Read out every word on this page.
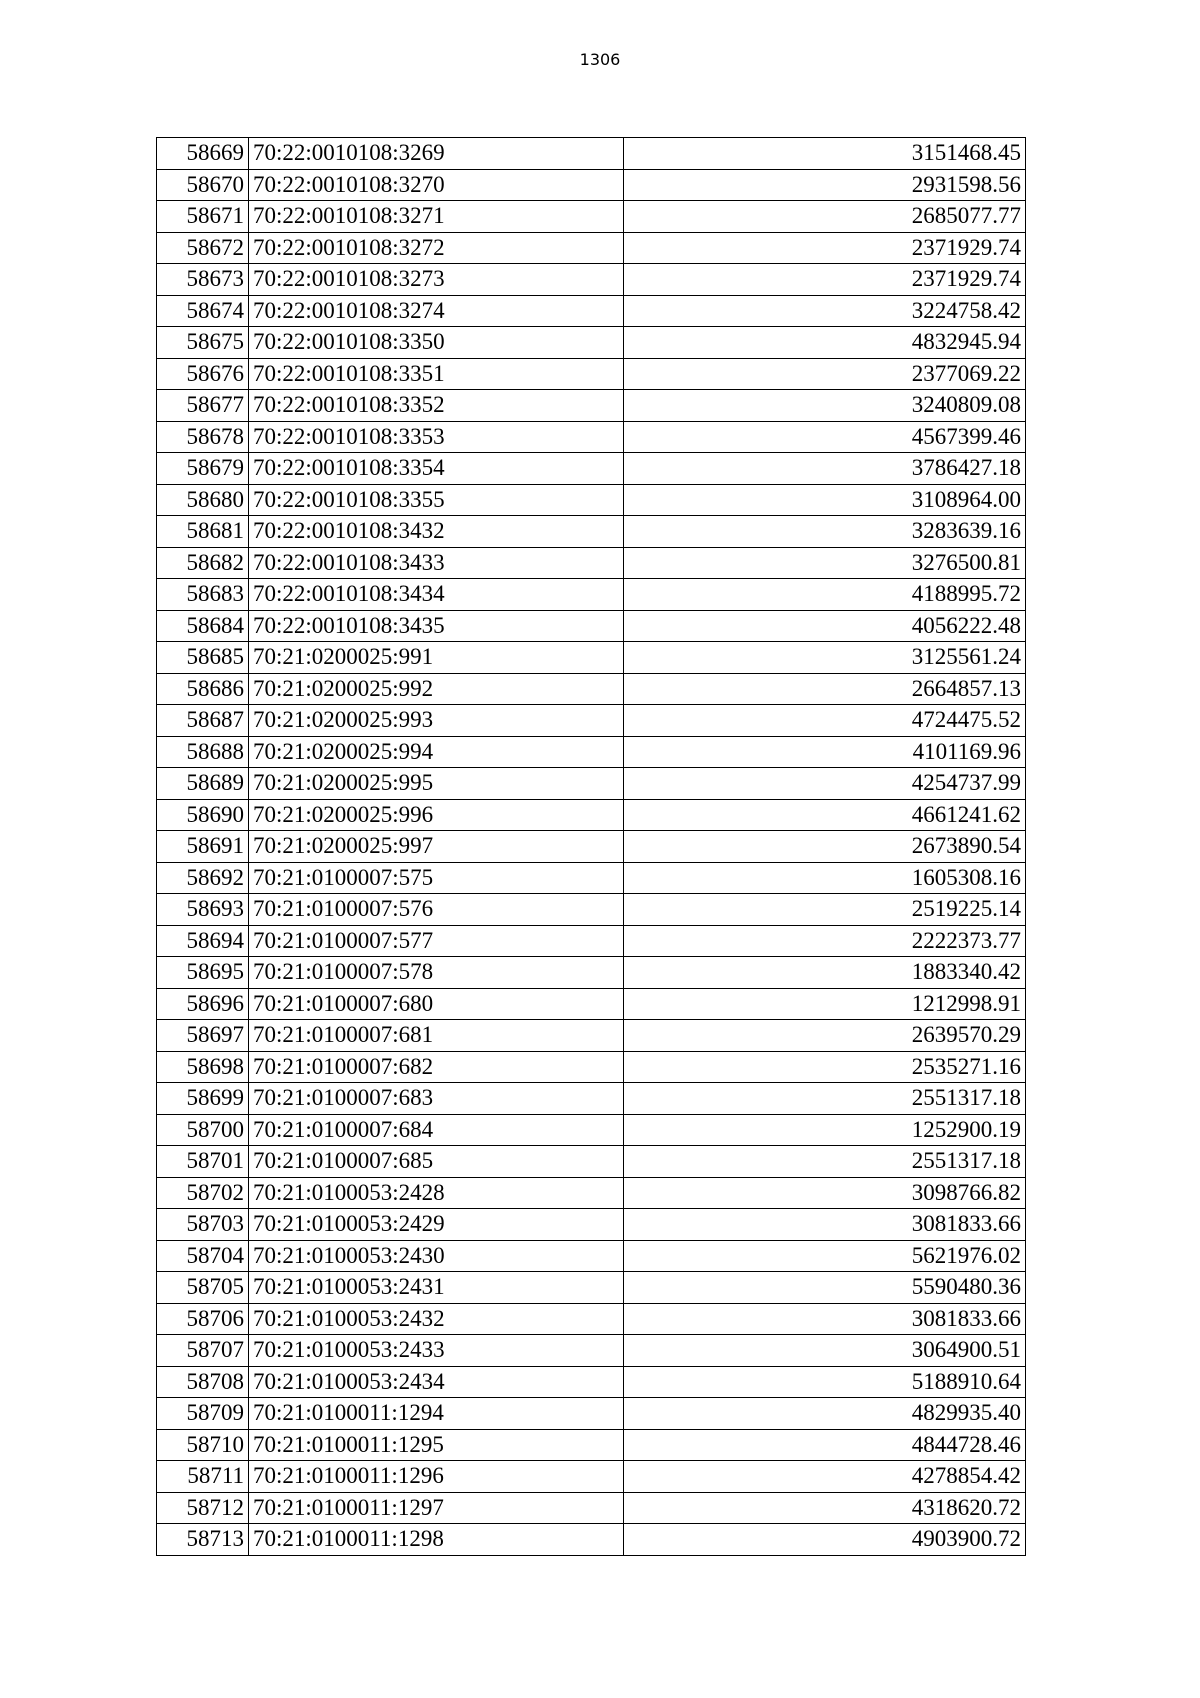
1306
58669	70:22:0010108:3269	3151468.45
58670	70:22:0010108:3270	2931598.56
58671	70:22:0010108:3271	2685077.77
58672	70:22:0010108:3272	2371929.74
58673	70:22:0010108:3273	2371929.74
58674	70:22:0010108:3274	3224758.42
58675	70:22:0010108:3350	4832945.94
58676	70:22:0010108:3351	2377069.22
58677	70:22:0010108:3352	3240809.08
58678	70:22:0010108:3353	4567399.46
58679	70:22:0010108:3354	3786427.18
58680	70:22:0010108:3355	3108964.00
58681	70:22:0010108:3432	3283639.16
58682	70:22:0010108:3433	3276500.81
58683	70:22:0010108:3434	4188995.72
58684	70:22:0010108:3435	4056222.48
58685	70:21:0200025:991	3125561.24
58686	70:21:0200025:992	2664857.13
58687	70:21:0200025:993	4724475.52
58688	70:21:0200025:994	4101169.96
58689	70:21:0200025:995	4254737.99
58690	70:21:0200025:996	4661241.62
58691	70:21:0200025:997	2673890.54
58692	70:21:0100007:575	1605308.16
58693	70:21:0100007:576	2519225.14
58694	70:21:0100007:577	2222373.77
58695	70:21:0100007:578	1883340.42
58696	70:21:0100007:680	1212998.91
58697	70:21:0100007:681	2639570.29
58698	70:21:0100007:682	2535271.16
58699	70:21:0100007:683	2551317.18
58700	70:21:0100007:684	1252900.19
58701	70:21:0100007:685	2551317.18
58702	70:21:0100053:2428	3098766.82
58703	70:21:0100053:2429	3081833.66
58704	70:21:0100053:2430	5621976.02
58705	70:21:0100053:2431	5590480.36
58706	70:21:0100053:2432	3081833.66
58707	70:21:0100053:2433	3064900.51
58708	70:21:0100053:2434	5188910.64
58709	70:21:0100011:1294	4829935.40
58710	70:21:0100011:1295	4844728.46
58711	70:21:0100011:1296	4278854.42
58712	70:21:0100011:1297	4318620.72
58713	70:21:0100011:1298	4903900.72
